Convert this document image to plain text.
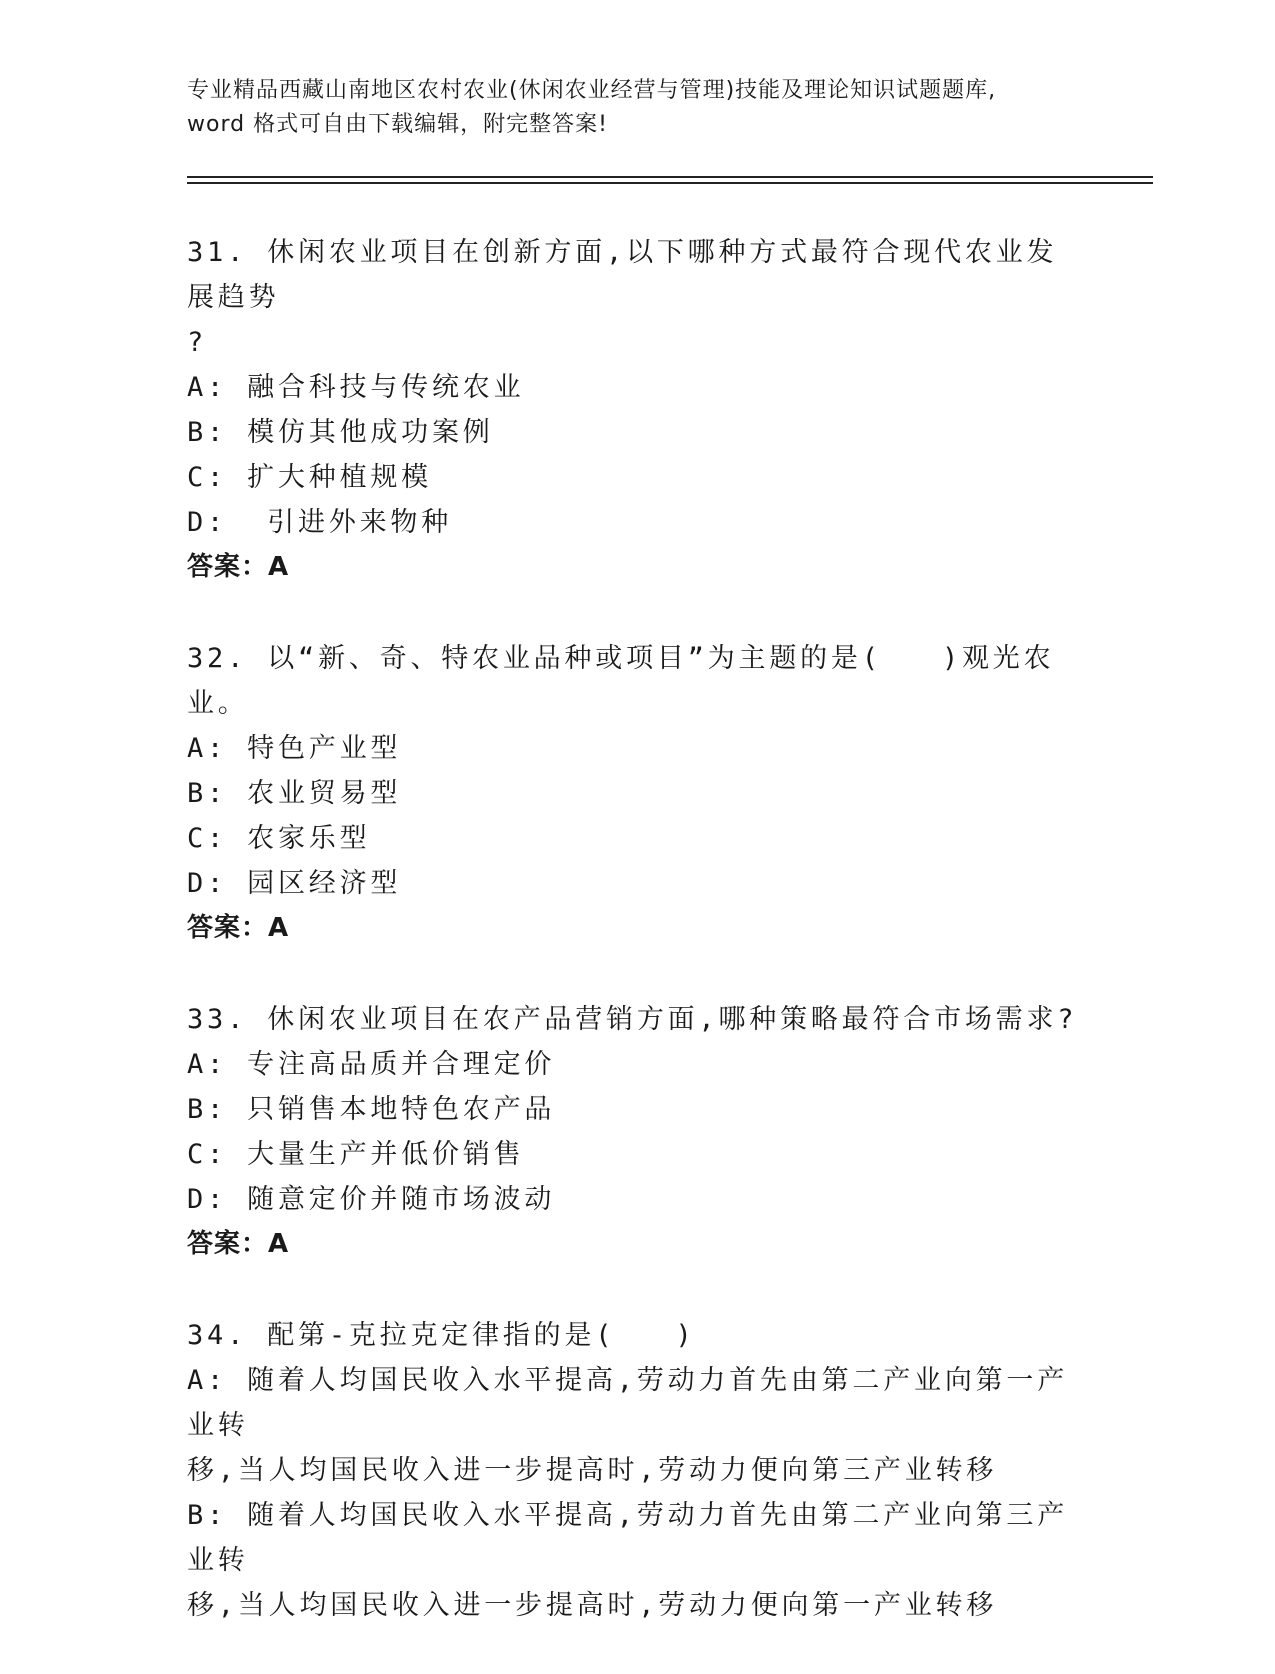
专业精品西藏山南地区农村农业(休闲农业经营与管理)技能及理论知识试题题库,
word 格式可自由下载编辑，附完整答案!
31. 休闲农业项目在创新方面,以下哪种方式最符合现代农业发展趋势
?
A: 融合科技与传统农业
B: 模仿其他成功案例
C: 扩大种植规模
D:  引进外来物种
答案：A
32. 以“新、奇、特农业品种或项目”为主题的是(   )观光农业。
A: 特色产业型
B: 农业贸易型
C: 农家乐型
D: 园区经济型
答案：A
33. 休闲农业项目在农产品营销方面,哪种策略最符合市场需求?
A: 专注高品质并合理定价
B: 只销售本地特色农产品
C: 大量生产并低价销售
D: 随意定价并随市场波动
答案：A
34. 配第-克拉克定律指的是(   )
A: 随着人均国民收入水平提高,劳动力首先由第二产业向第一产业转
移,当人均国民收入进一步提高时,劳动力便向第三产业转移
B: 随着人均国民收入水平提高,劳动力首先由第二产业向第三产业转
移,当人均国民收入进一步提高时,劳动力便向第一产业转移
